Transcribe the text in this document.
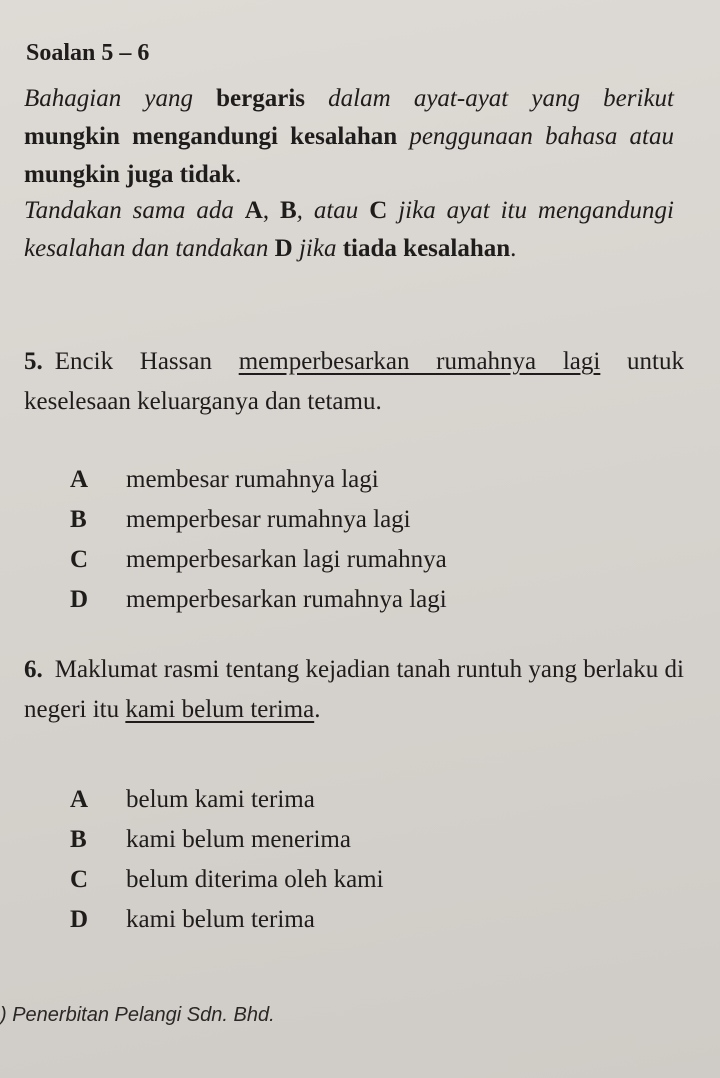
Soalan 5 – 6
Bahagian yang bergaris dalam ayat-ayat yang berikut mungkin mengandungi kesalahan penggunaan bahasa atau mungkin juga tidak.
Tandakan sama ada A, B, atau C jika ayat itu mengandungi kesalahan dan tandakan D jika tiada kesalahan.
5. Encik Hassan memperbesarkan rumahnya lagi untuk keselesaan keluarganya dan tetamu.
A membesar rumahnya lagi
B memperbesar rumahnya lagi
C memperbesarkan lagi rumahnya
D memperbesarkan rumahnya lagi
6. Maklumat rasmi tentang kejadian tanah runtuh yang berlaku di negeri itu kami belum terima.
A belum kami terima
B kami belum menerima
C belum diterima oleh kami
D kami belum terima
) Penerbitan Pelangi Sdn. Bhd.
